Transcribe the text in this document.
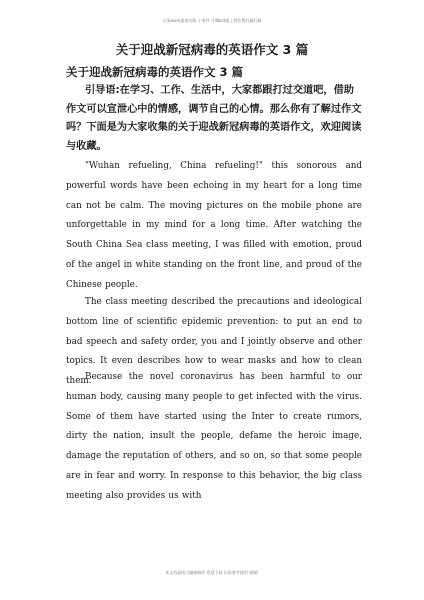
以事work重视实践 小事件 计Word提上供估费们量们稿
关于迎战新冠病毒的英语作文 3 篇
关于迎战新冠病毒的英语作文 3 篇

引导语:在学习、工作、生活中，大家都跟打过交道吧，借助作文可以宣泄心中的情感，调节自己的心情。那么你有了解过作文吗？下面是为大家收集的关于迎战新冠病毒的英语作文，欢迎阅读与收藏。

"Wuhan refueling, China refueling!" this sonorous and powerful words have been echoing in my heart for a long time can not be calm. The moving pictures on the mobile phone are unforgettable in my mind for a long time. After watching the South China Sea class meeting, I was filled with emotion, proud of the angel in white standing on the front line, and proud of the Chinese people.

The class meeting described the precautions and ideological bottom line of scientific epidemic prevention: to put an end to bad speech and safety order, you and I jointly observe and other topics. It even describes how to wear masks and how to clean them.

Because the novel coronavirus has been harmful to our human body, causing many people to get infected with the virus. Some of them have started using the Inter to create rumors, dirty the nation, insult the people, defame the heroic image, damage the reputation of others, and so on, so that some people are in fear and worry. In response to this behavior, the big class meeting also provides us with

本文档最终可编辑修改 欢迎下载 仅供参考使用 谢谢!
